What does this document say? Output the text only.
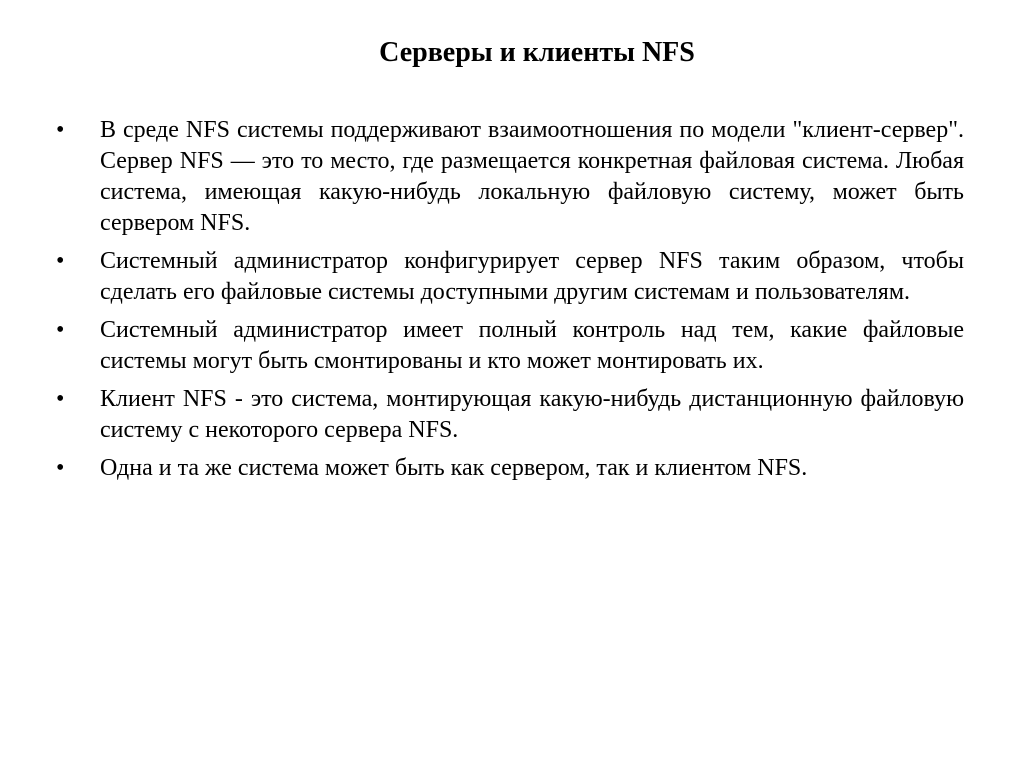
Серверы и клиенты NFS
•	В среде NFS системы поддерживают взаимоотношения по модели "клиент-сервер". Сервер NFS — это то место, где размещается конкретная файловая система. Любая система, имеющая какую-нибудь локальную файловую систему, может быть сервером NFS.
•	Системный администратор конфигурирует сервер NFS таким образом, чтобы сделать его файловые системы доступными другим системам и пользователям.
•	Системный администратор имеет полный контроль над тем, какие файловые системы могут быть смонтированы и кто может монтировать их.
•	Клиент NFS - это система, монтирующая какую-нибудь дистанционную файловую систему с некоторого сервера NFS.
•	Одна и та же система может быть как сервером, так и клиентом NFS.
